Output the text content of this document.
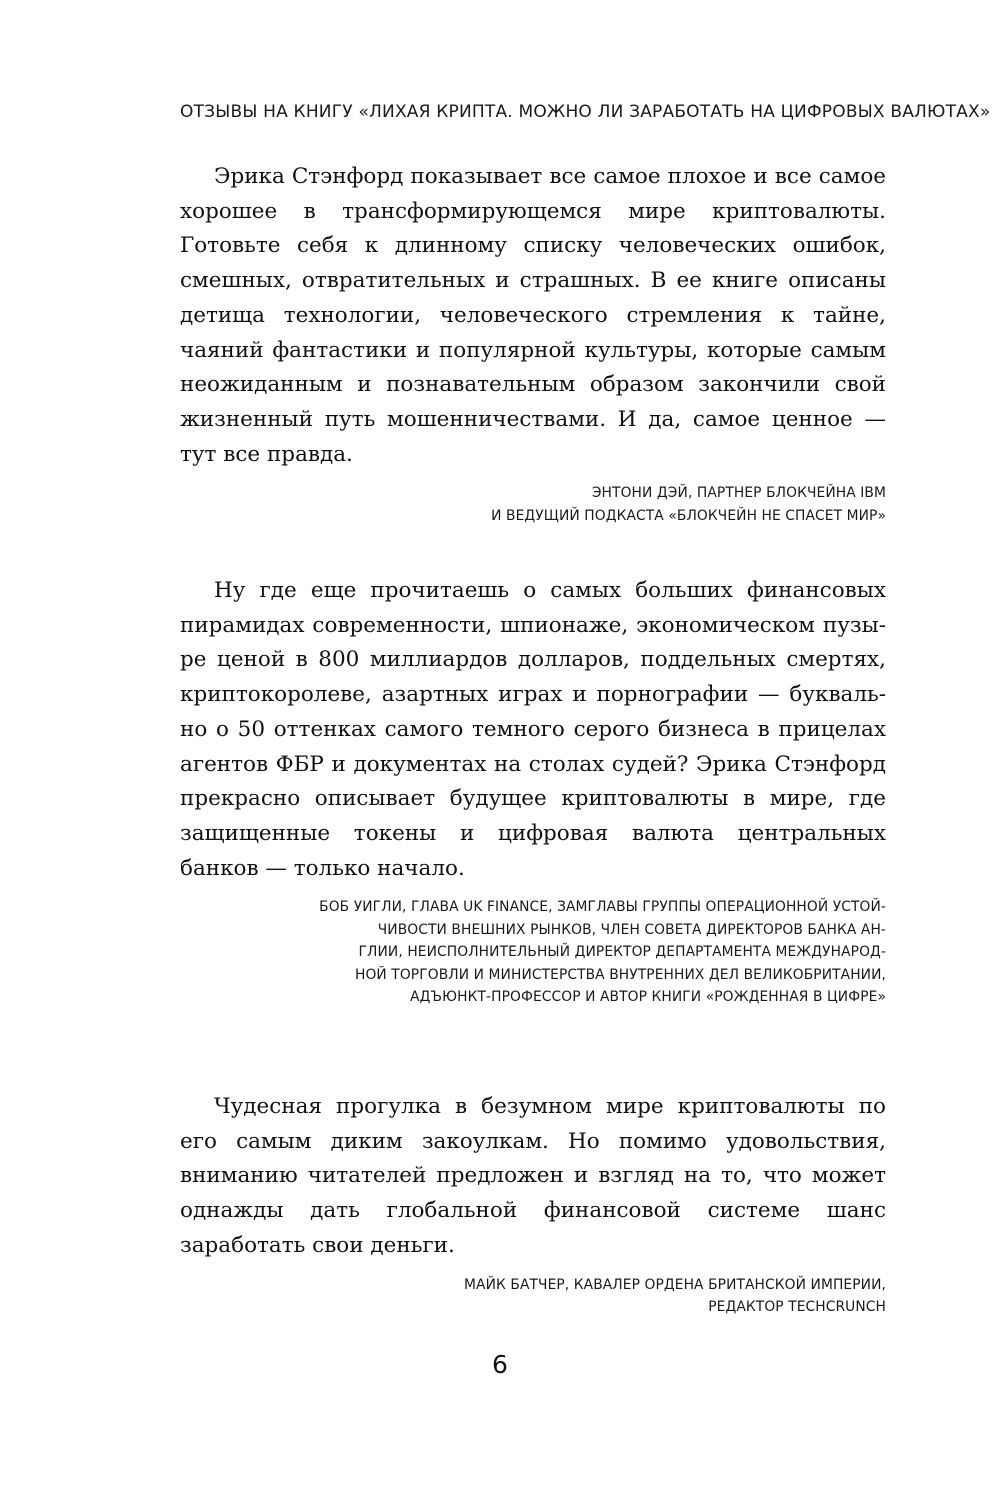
ОТЗЫВЫ НА КНИГУ «ЛИХАЯ КРИПТА. МОЖНО ЛИ ЗАРАБОТАТЬ НА ЦИФРОВЫХ ВАЛЮТАХ»

Эрика Стэнфорд показывает все самое плохое и все самое хорошее в трансформирующемся мире криптовалюты. Готовьте себя к длинному списку человеческих ошибок, смешных, отвратительных и страшных. В ее книге описаны детища технологии, человеческого стремления к тайне, чаяний фантастики и популярной культуры, которые самым неожиданным и познавательным образом закончили свой жизненный путь мошенничествами. И да, самое ценное — тут все правда.

ЭНТОНИ ДЭЙ, ПАРТНЕР БЛОКЧЕЙНА IBM
И ВЕДУЩИЙ ПОДКАСТА «БЛОКЧЕЙН НЕ СПАСЕТ МИР»

Ну где еще прочитаешь о самых больших финансовых пирамидах современности, шпионаже, экономическом пузыре ценой в 800 миллиардов долларов, поддельных смертях, криптокоролеве, азартных играх и порнографии — буквально о 50 оттенках самого темного серого бизнеса в прицелах агентов ФБР и документах на столах судей? Эрика Стэнфорд прекрасно описывает будущее криптовалюты в мире, где защищенные токены и цифровая валюта центральных банков — только начало.

БОБ УИГЛИ, ГЛАВА UK FINANCE, ЗАМГЛАВЫ ГРУППЫ ОПЕРАЦИОННОЙ УСТОЙ-
ЧИВОСТИ ВНЕШНИХ РЫНКОВ, ЧЛЕН СОВЕТА ДИРЕКТОРОВ БАНКА АН-
ГЛИИ, НЕИСПОЛНИТЕЛЬНЫЙ ДИРЕКТОР ДЕПАРТАМЕНТА МЕЖДУНАРОД-
НОЙ ТОРГОВЛИ И МИНИСТЕРСТВА ВНУТРЕННИХ ДЕЛ ВЕЛИКОБРИТАНИИ,
АДЪЮНКТ-ПРОФЕССОР И АВТОР КНИГИ «РОЖДЕННАЯ В ЦИФРЕ»

Чудесная прогулка в безумном мире криптовалюты по его самым диким закоулкам. Но помимо удовольствия, вниманию читателей предложен и взгляд на то, что может однажды дать глобальной финансовой системе шанс заработать свои деньги.

МАЙК БАТЧЕР, КАВАЛЕР ОРДЕНА БРИТАНСКОЙ ИМПЕРИИ,
РЕДАКТОР TECHCRUNCH
6
